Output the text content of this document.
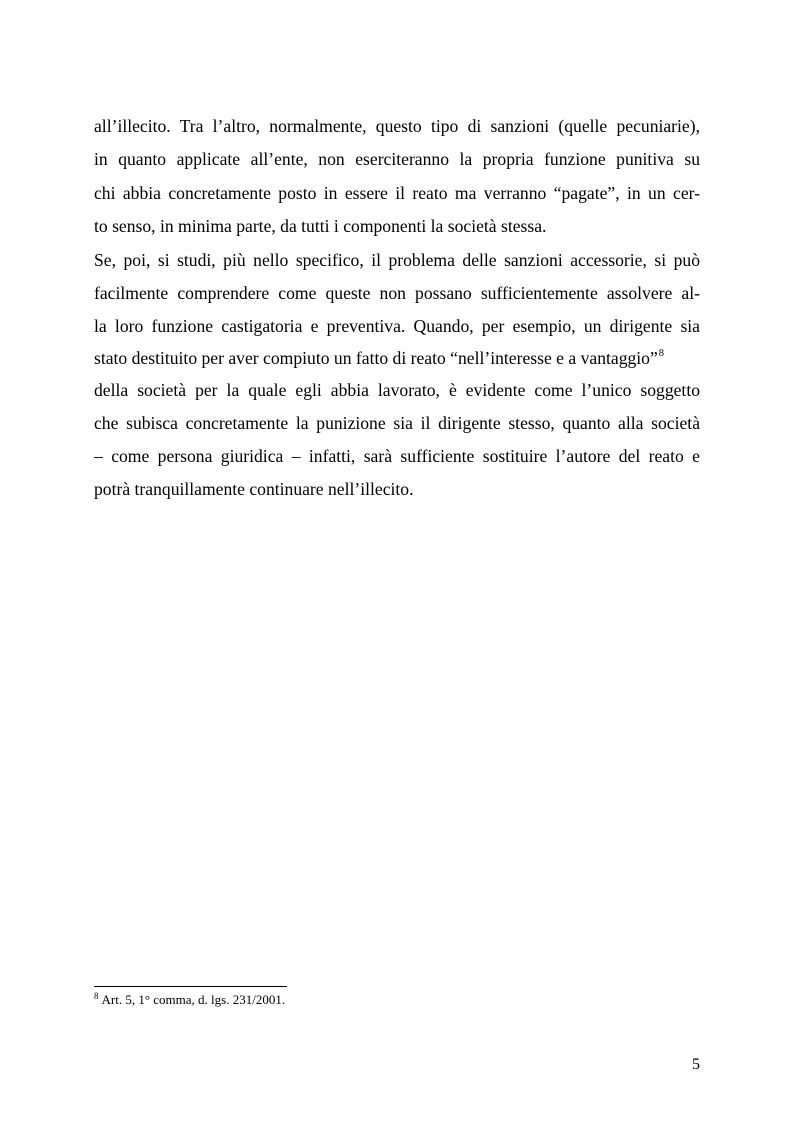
all’illecito. Tra l’altro, normalmente, questo tipo di sanzioni (quelle pecuniarie),
in quanto applicate all’ente, non eserciteranno la propria funzione punitiva su
chi abbia concretamente posto in essere il reato ma verranno “pagate”, in un cer-
to senso, in minima parte, da tutti i componenti la società stessa.
Se, poi, si studi, più nello specifico, il problema delle sanzioni accessorie, si può
facilmente comprendere come queste non possano sufficientemente assolvere al-
la loro funzione castigatoria e preventiva. Quando, per esempio, un dirigente sia
stato destituito per aver compiuto un fatto di reato “nell’interesse e a vantaggio”$^8$
della società per la quale egli abbia lavorato, è evidente come l’unico soggetto
che subisca concretamente la punizione sia il dirigente stesso, quanto alla società
– come persona giuridica – infatti, sarà sufficiente sostituire l’autore del reato e
potrà tranquillamente continuare nell’illecito.
$^8$ Art. 5, 1° comma, d. lgs. 231/2001.
5
